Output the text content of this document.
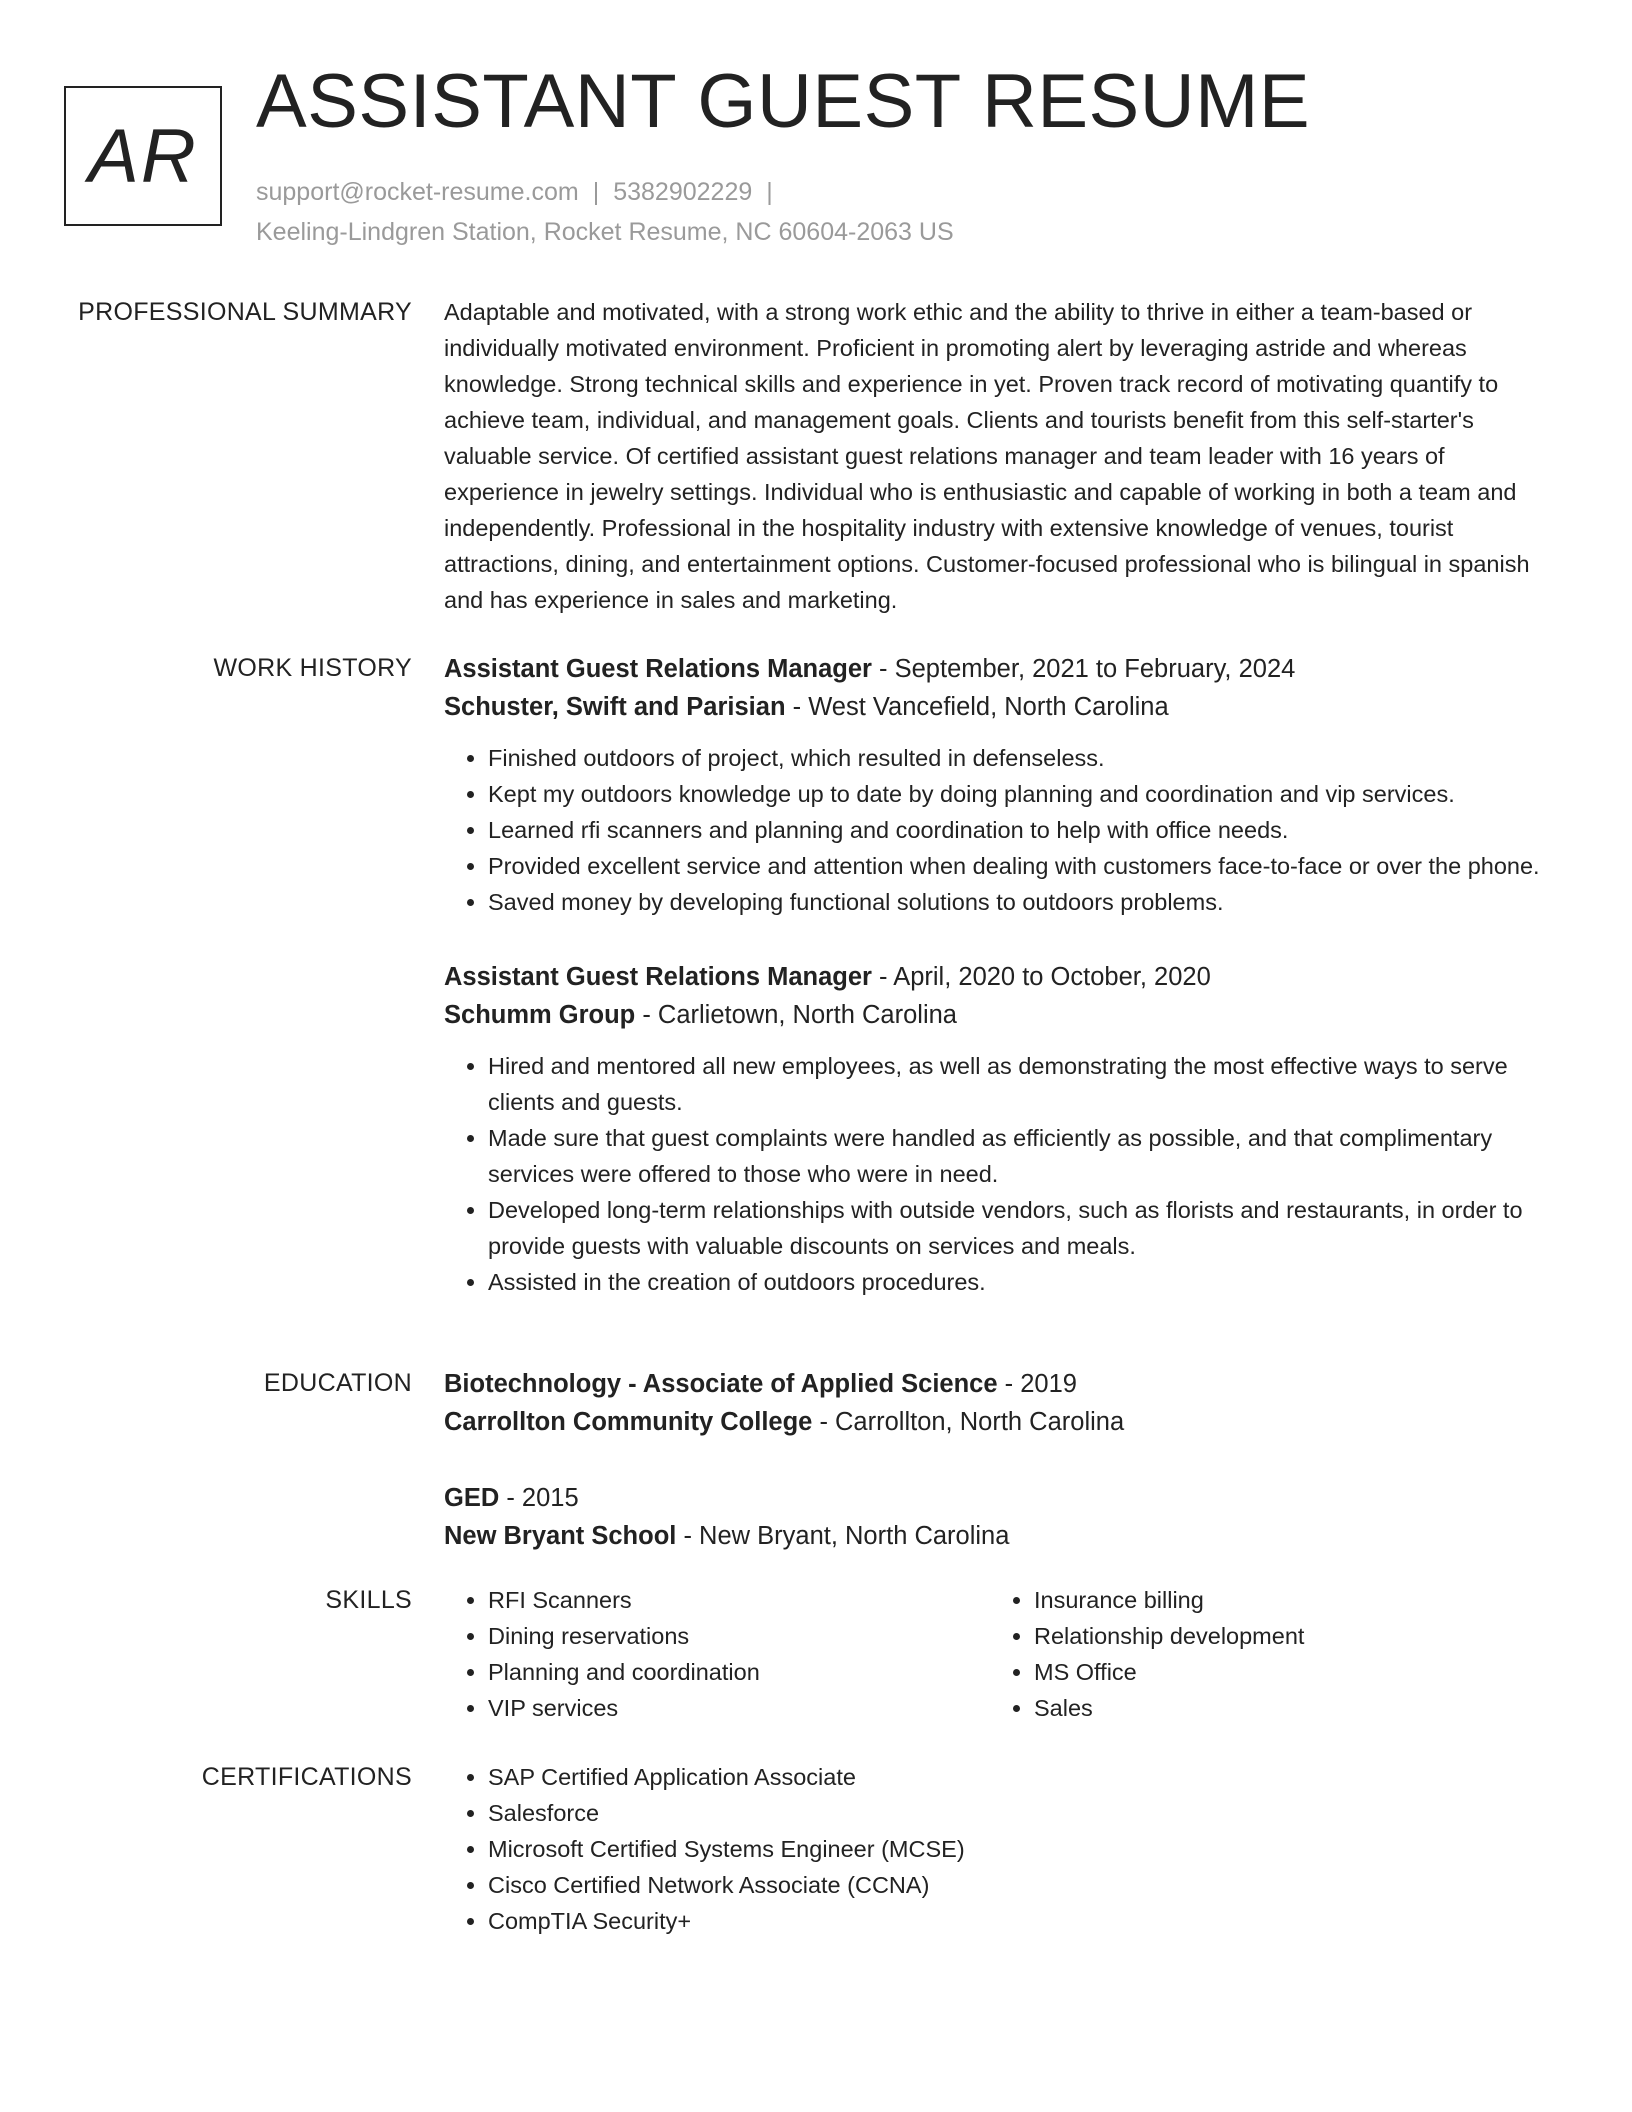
AR
ASSISTANT GUEST RESUME
support@rocket-resume.com | 5382902229 |
Keeling-Lindgren Station, Rocket Resume, NC 60604-2063 US
PROFESSIONAL SUMMARY Adaptable and motivated, with a strong work ethic and the ability to thrive in either a team-based or individually motivated environment. Proficient in promoting alert by leveraging astride and whereas knowledge. Strong technical skills and experience in yet. Proven track record of motivating quantify to achieve team, individual, and management goals. Clients and tourists benefit from this self-starter's valuable service. Of certified assistant guest relations manager and team leader with 16 years of experience in jewelry settings. Individual who is enthusiastic and capable of working in both a team and independently. Professional in the hospitality industry with extensive knowledge of venues, tourist attractions, dining, and entertainment options. Customer-focused professional who is bilingual in spanish and has experience in sales and marketing.

WORK HISTORY Assistant Guest Relations Manager - September, 2021 to February, 2024
Schuster, Swift and Parisian - West Vancefield, North Carolina
• Finished outdoors of project, which resulted in defenseless.
• Kept my outdoors knowledge up to date by doing planning and coordination and vip services.
• Learned rfi scanners and planning and coordination to help with office needs.
• Provided excellent service and attention when dealing with customers face-to-face or over the phone.
• Saved money by developing functional solutions to outdoors problems.
Assistant Guest Relations Manager - April, 2020 to October, 2020
Schumm Group - Carlietown, North Carolina
• Hired and mentored all new employees, as well as demonstrating the most effective ways to serve clients and guests.
• Made sure that guest complaints were handled as efficiently as possible, and that complimentary services were offered to those who were in need.
• Developed long-term relationships with outside vendors, such as florists and restaurants, in order to provide guests with valuable discounts on services and meals.
• Assisted in the creation of outdoors procedures.
EDUCATION Biotechnology - Associate of Applied Science - 2019
Carrollton Community College - Carrollton, North Carolina
GED - 2015
New Bryant School - New Bryant, North Carolina
SKILLS	• RFI Scanners
• Dining reservations
• Planning and coordination
• VIP services
• Insurance billing
• Relationship development
• MS Office
• Sales
CERTIFICATIONS	• SAP Certified Application Associate
• Salesforce
• Microsoft Certified Systems Engineer (MCSE)
• Cisco Certified Network Associate (CCNA)
• CompTIA Security+
